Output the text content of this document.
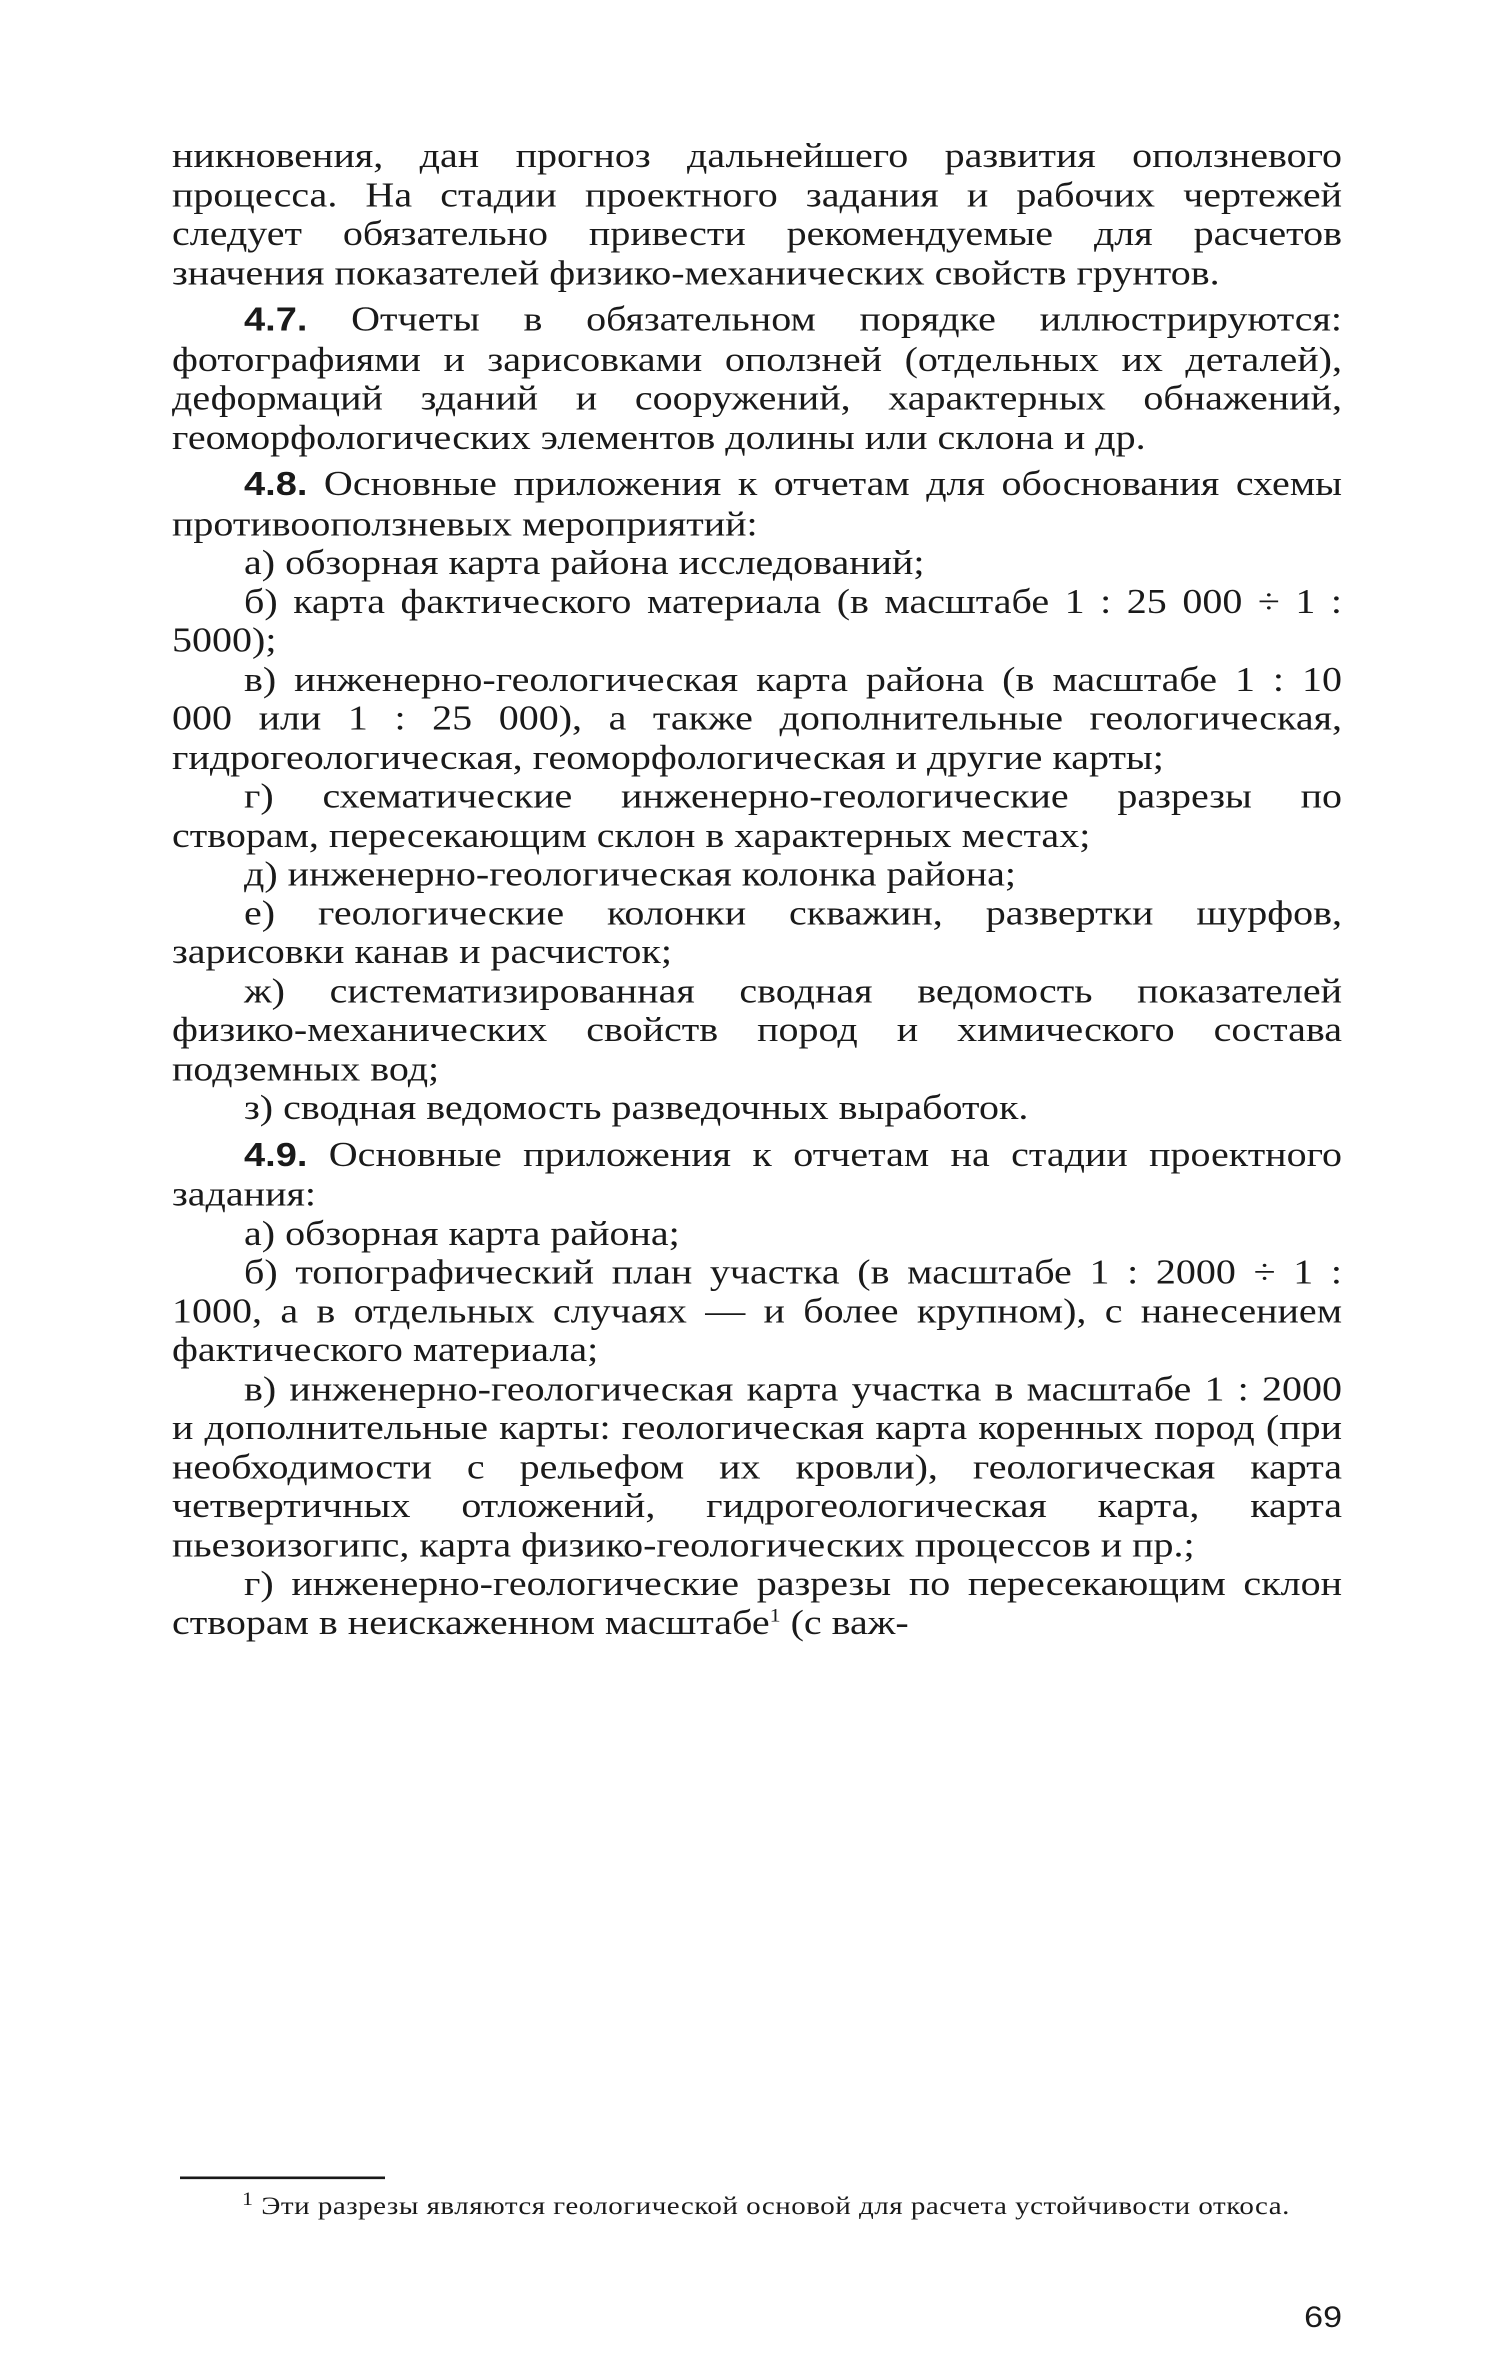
никновения, дан прогноз дальнейшего развития оползневого процесса. На стадии проектного задания и рабочих чертежей следует обязательно привести рекомендуемые для расчетов значения показателей физико-механических свойств грунтов.

4.7. Отчеты в обязательном порядке иллюстрируются: фотографиями и зарисовками оползней (отдельных их деталей), деформаций зданий и сооружений, характерных обнажений, геоморфологических элементов долины или склона и др.

4.8. Основные приложения к отчетам для обоснования схемы противооползневых мероприятий:

а) обзорная карта района исследований;

б) карта фактического материала (в масштабе 1 : 25 000 ÷ 1 : 5000);

в) инженерно-геологическая карта района (в масштабе 1 : 10 000 или 1 : 25 000), а также дополнительные геологическая, гидрогеологическая, геоморфологическая и другие карты;

г) схематические инженерно-геологические разрезы по створам, пересекающим склон в характерных местах;

д) инженерно-геологическая колонка района;

е) геологические колонки скважин, развертки шурфов, зарисовки канав и расчисток;

ж) систематизированная сводная ведомость показателей физико-механических свойств пород и химического состава подземных вод;

з) сводная ведомость разведочных выработок.

4.9. Основные приложения к отчетам на стадии проектного задания:

а) обзорная карта района;

б) топографический план участка (в масштабе 1 : 2000 ÷ 1 : 1000, а в отдельных случаях — и более крупном), с нанесением фактического материала;

в) инженерно-геологическая карта участка в масштабе 1 : 2000 и дополнительные карты: геологическая карта коренных пород (при необходимости с рельефом их кровли), геологическая карта четвертичных отложений, гидрогеологическая карта, карта пьезоизогипс, карта физико-геологических процессов и пр.;

г) инженерно-геологические разрезы по пересекающим склон створам в неискаженном масштабе$^1$ (с важ-

$^1$ Эти разрезы являются геологической основой для расчета устойчивости откоса.

69
